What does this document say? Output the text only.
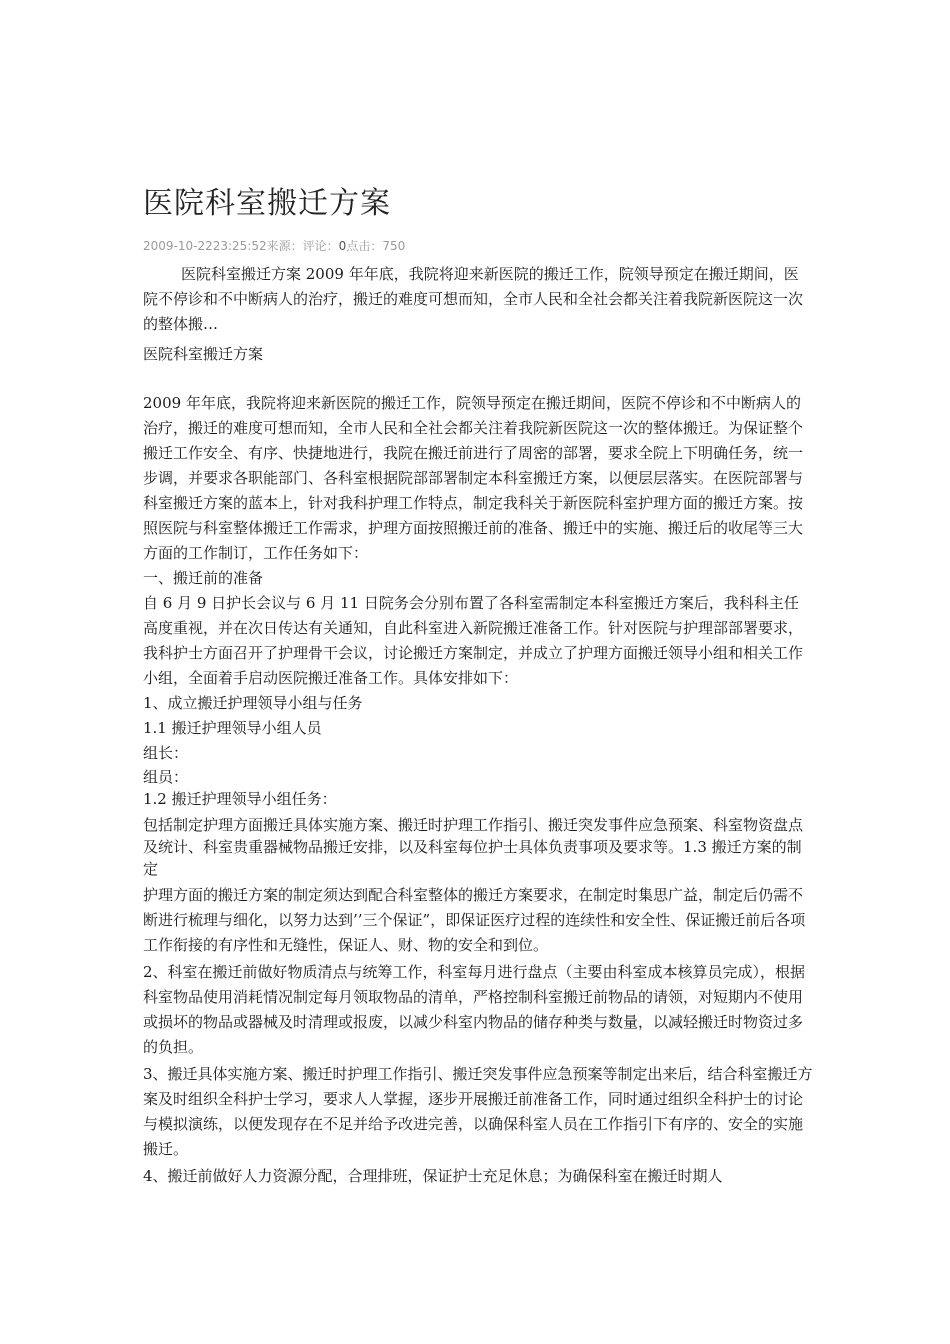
医院科室搬迁方案
2009-10-2223:25:52来源：评论：0点击：750

医院科室搬迁方案 2009 年年底，我院将迎来新医院的搬迁工作，院领导预定在搬迁期间，医院不停诊和不中断病人的治疗，搬迁的难度可想而知，全市人民和全社会都关注着我院新医院这一次的整体搬…

医院科室搬迁方案

2009 年年底，我院将迎来新医院的搬迁工作，院领导预定在搬迁期间，医院不停诊和不中断病人的治疗，搬迁的难度可想而知，全市人民和全社会都关注着我院新医院这一次的整体搬迁。为保证整个搬迁工作安全、有序、快捷地进行，我院在搬迁前进行了周密的部署，要求全院上下明确任务，统一步调，并要求各职能部门、各科室根据院部部署制定本科室搬迁方案，以便层层落实。在医院部署与科室搬迁方案的蓝本上，针对我科护理工作特点，制定我科关于新医院科室护理方面的搬迁方案。按照医院与科室整体搬迁工作需求，护理方面按照搬迁前的准备、搬迁中的实施、搬迁后的收尾等三大方面的工作制订，工作任务如下：

一、搬迁前的准备

自 6 月 9 日护长会议与 6 月 11 日院务会分别布置了各科室需制定本科室搬迁方案后，我科科主任高度重视，并在次日传达有关通知，自此科室进入新院搬迁准备工作。针对医院与护理部部署要求，我科护士方面召开了护理骨干会议，讨论搬迁方案制定，并成立了护理方面搬迁领导小组和相关工作小组，全面着手启动医院搬迁准备工作。具体安排如下：

1、成立搬迁护理领导小组与任务

1.1 搬迁护理领导小组人员

组长：

组员：

1.2 搬迁护理领导小组任务：

包括制定护理方面搬迁具体实施方案、搬迁时护理工作指引、搬迁突发事件应急预案、科室物资盘点及统计、科室贵重器械物品搬迁安排，以及科室每位护士具体负责事项及要求等。1.3 搬迁方案的制定

护理方面的搬迁方案的制定须达到配合科室整体的搬迁方案要求，在制定时集思广益，制定后仍需不断进行梳理与细化，以努力达到’’三个保证”，即保证医疗过程的连续性和安全性、保证搬迁前后各项工作衔接的有序性和无缝性，保证人、财、物的安全和到位。

2、科室在搬迁前做好物质清点与统筹工作，科室每月进行盘点（主要由科室成本核算员完成），根据科室物品使用消耗情况制定每月领取物品的清单，严格控制科室搬迁前物品的请领，对短期内不使用或损坏的物品或器械及时清理或报废，以减少科室内物品的储存种类与数量，以减轻搬迁时物资过多的负担。

3、搬迁具体实施方案、搬迁时护理工作指引、搬迁突发事件应急预案等制定出来后，结合科室搬迁方案及时组织全科护士学习，要求人人掌握，逐步开展搬迁前准备工作，同时通过组织全科护士的讨论与模拟演练，以便发现存在不足并给予改进完善，以确保科室人员在工作指引下有序的、安全的实施搬迁。

4、搬迁前做好人力资源分配，合理排班，保证护士充足休息；为确保科室在搬迁时期人
